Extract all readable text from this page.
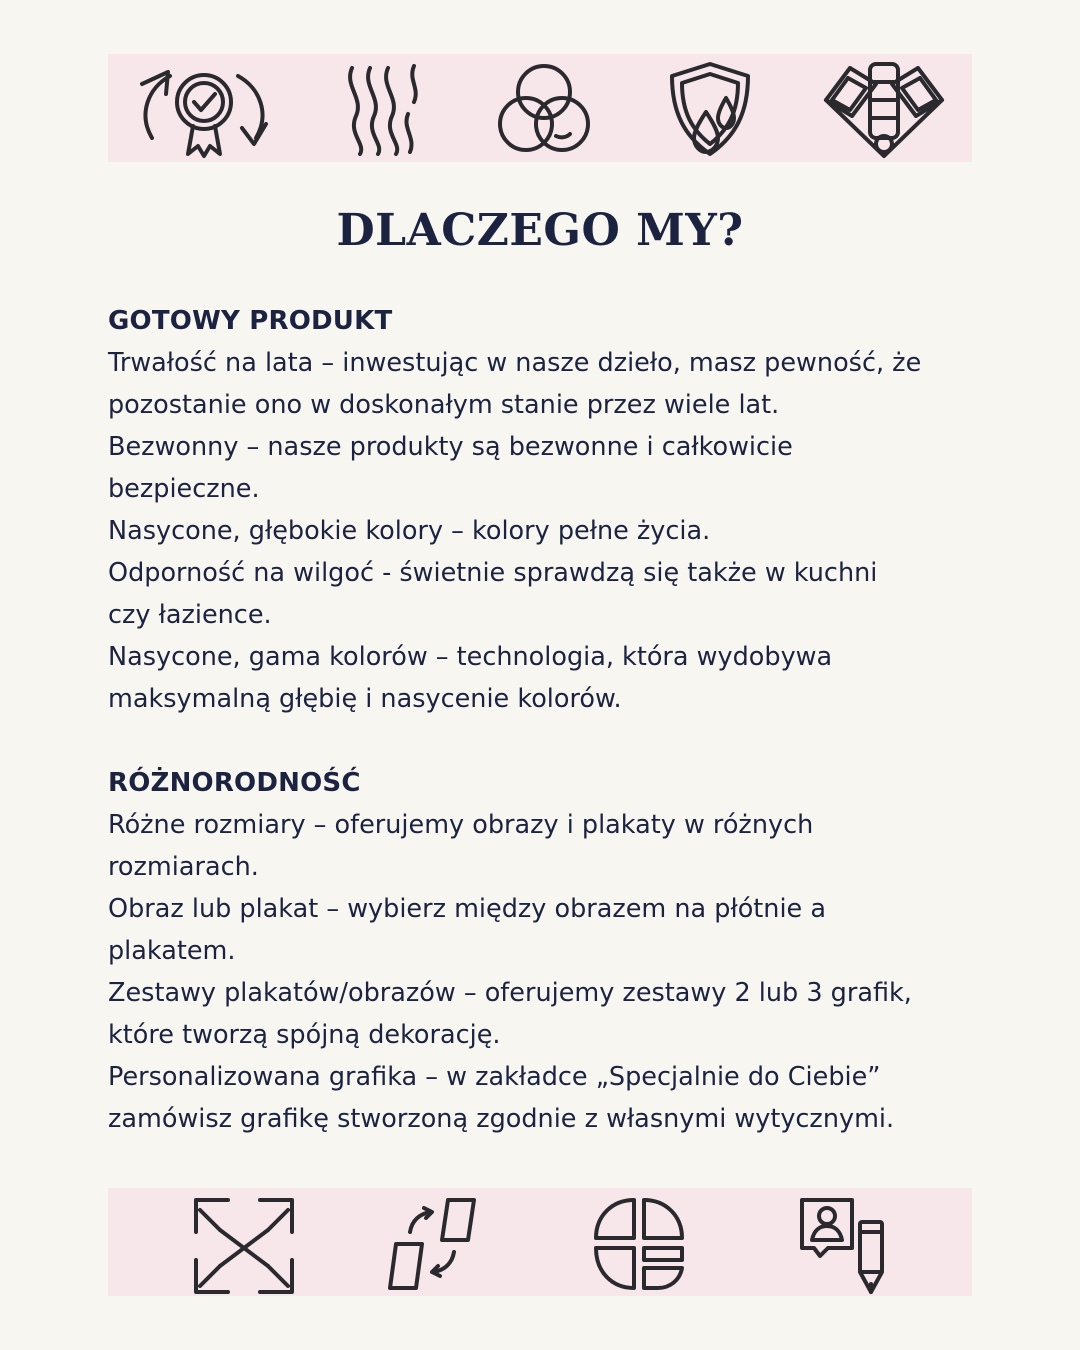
DLACZEGO MY?
GOTOWY PRODUKT

Trwałość na lata – inwestując w nasze dzieło, masz pewność, że

pozostanie ono w doskonałym stanie przez wiele lat.

Bezwonny – nasze produkty są bezwonne i całkowicie

bezpieczne.

Nasycone, głębokie kolory – kolory pełne życia.

Odporność na wilgoć - świetnie sprawdzą się także w kuchni

czy łazience.

Nasycone, gama kolorów – technologia, która wydobywa

maksymalną głębię i nasycenie kolorów.

RÓŻNORODNOŚĆ

Różne rozmiary – oferujemy obrazy i plakaty w różnych

rozmiarach.

Obraz lub plakat – wybierz między obrazem na płótnie a

plakatem.

Zestawy plakatów/obrazów – oferujemy zestawy 2 lub 3 grafik,

które tworzą spójną dekorację.

Personalizowana grafika – w zakładce „Specjalnie do Ciebie”

zamówisz grafikę stworzoną zgodnie z własnymi wytycznymi.
